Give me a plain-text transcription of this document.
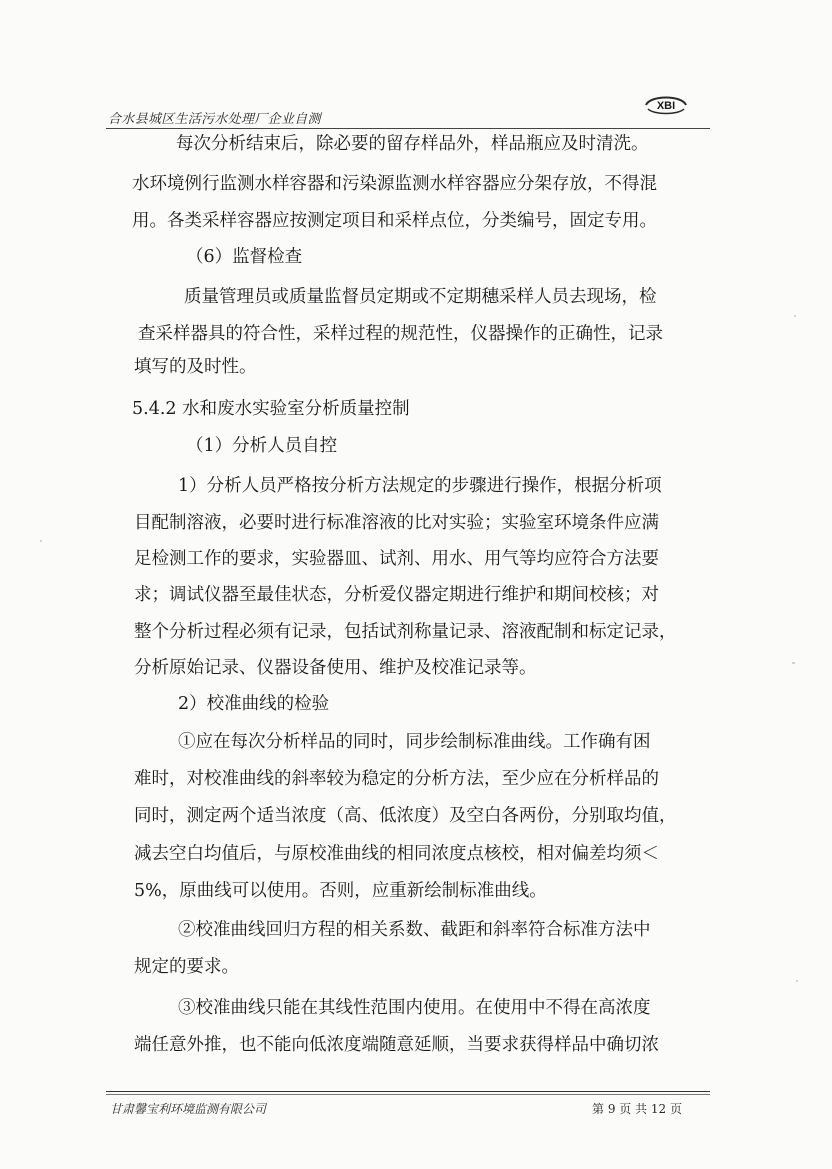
合水县城区生活污水处理厂企业自测
XBI
每次分析结束后，除必要的留存样品外，样品瓶应及时清洗。
水环境例行监测水样容器和污染源监测水样容器应分架存放，不得混
用。各类采样容器应按测定项目和采样点位，分类编号，固定专用。
（6）监督检查
质量管理员或质量监督员定期或不定期穗采样人员去现场，检
查采样器具的符合性，采样过程的规范性，仪器操作的正确性，记录
填写的及时性。
5.4.2 水和废水实验室分析质量控制
（1）分析人员自控
1）分析人员严格按分析方法规定的步骤进行操作，根据分析项
目配制溶液，必要时进行标准溶液的比对实验；实验室环境条件应满
足检测工作的要求，实验器皿、试剂、用水、用气等均应符合方法要
求；调试仪器至最佳状态，分析爱仪器定期进行维护和期间校核；对
整个分析过程必须有记录，包括试剂称量记录、溶液配制和标定记录，
分析原始记录、仪器设备使用、维护及校准记录等。
2）校准曲线的检验
①应在每次分析样品的同时，同步绘制标准曲线。工作确有困
难时，对校准曲线的斜率较为稳定的分析方法，至少应在分析样品的
同时，测定两个适当浓度（高、低浓度）及空白各两份，分别取均值，
减去空白均值后，与原校准曲线的相同浓度点核校，相对偏差均须＜
5%，原曲线可以使用。否则，应重新绘制标准曲线。
②校准曲线回归方程的相关系数、截距和斜率符合标准方法中
规定的要求。
③校准曲线只能在其线性范围内使用。在使用中不得在高浓度
端任意外推，也不能向低浓度端随意延顺，当要求获得样品中确切浓
甘肃馨宝利环境监测有限公司	第 9 页 共 12 页
